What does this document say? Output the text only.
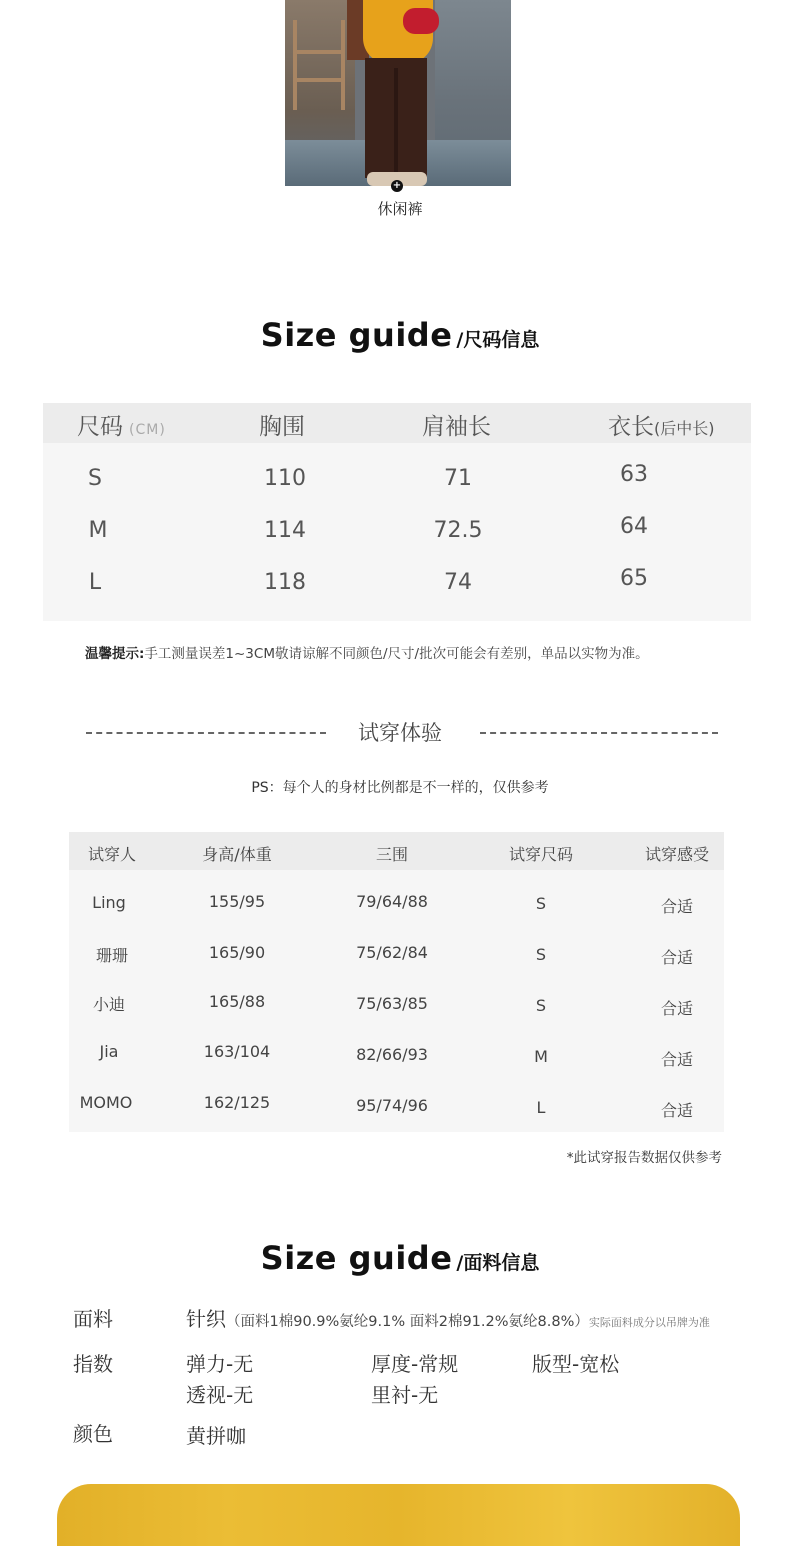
+
休闲裤
Size guide /尺码信息
尺码 (CM)	胸围	肩袖长	衣长(后中长)
S	110	71	63
M	114	72.5	64
L	118	74	65
温馨提示:手工测量误差1~3CM敬请谅解不同颜色/尺寸/批次可能会有差别，单品以实物为准。
试穿体验
PS：每个人的身材比例都是不一样的，仅供参考
试穿人	身高/体重	三围	试穿尺码	试穿感受
Ling	155/95	79/64/88	S	合适
珊珊	165/90	75/62/84	S	合适
小迪	165/88	75/63/85	S	合适
Jia	163/104	82/66/93	M	合适
MOMO	162/125	95/74/96	L	合适
*此试穿报告数据仅供参考
Size guide /面料信息
面料	针织（面料1棉90.9%氨纶9.1% 面料2棉91.2%氨纶8.8%）实际面料成分以吊牌为准
指数	弹力-无	厚度-常规	版型-宽松
透视-无	里衬-无
颜色	黄拼咖
